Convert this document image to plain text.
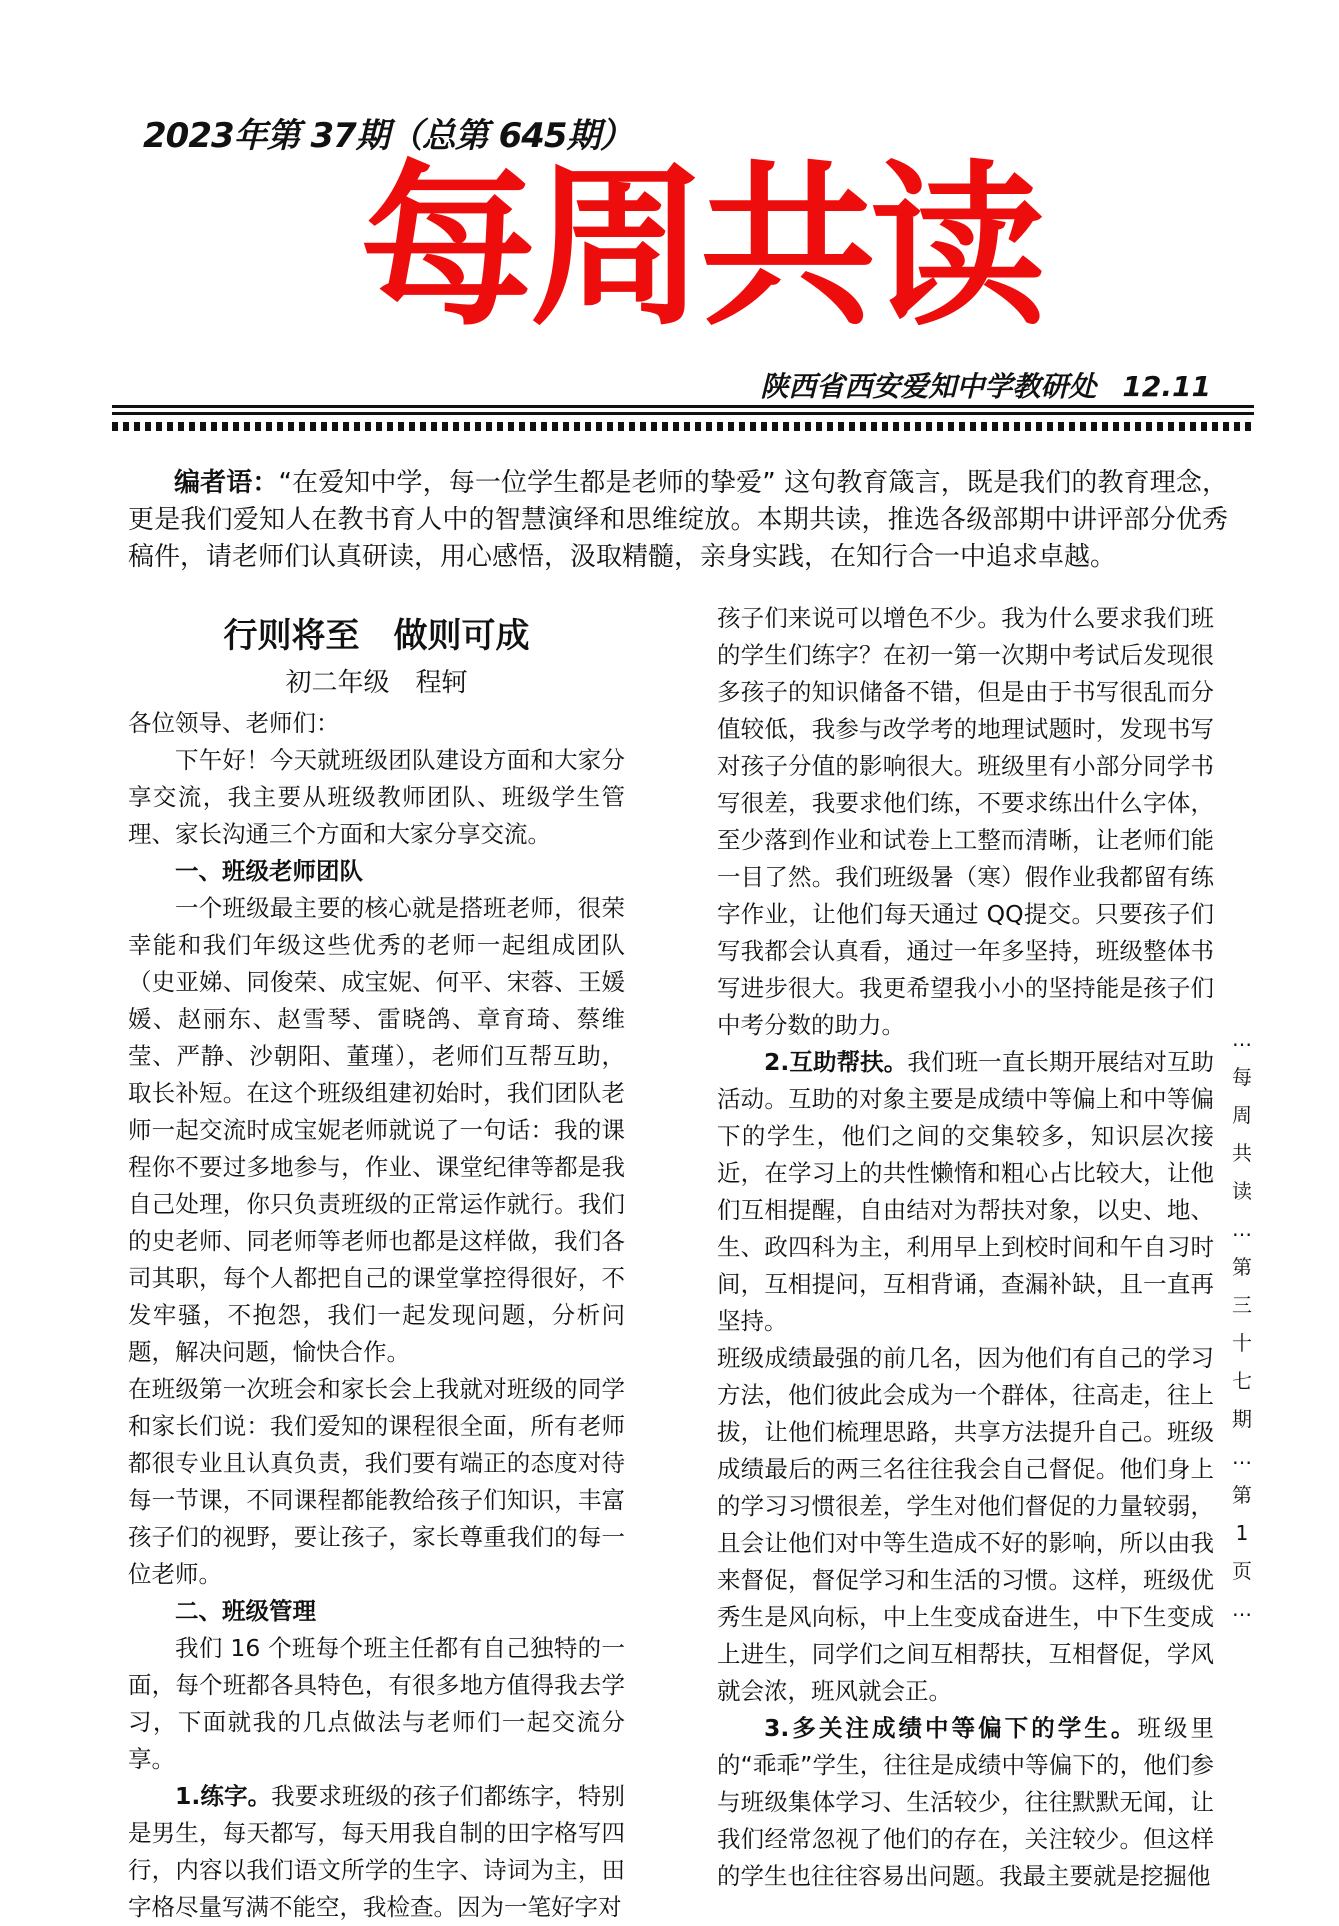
2023年第 37期（总第 645期）
每周共读
陕西省西安爱知中学教研处 12.11
编者语：“在爱知中学，每一位学生都是老师的挚爱” 这句教育箴言，既是我们的教育理念，更是我们爱知人在教书育人中的智慧演绎和思维绽放。本期共读，推选各级部期中讲评部分优秀稿件，请老师们认真研读，用心感悟，汲取精髓，亲身实践，在知行合一中追求卓越。
行则将至　做则可成
初二年级　程轲

各位领导、老师们：

下午好！今天就班级团队建设方面和大家分享交流，我主要从班级教师团队、班级学生管理、家长沟通三个方面和大家分享交流。

一、班级老师团队

一个班级最主要的核心就是搭班老师，很荣幸能和我们年级这些优秀的老师一起组成团队（史亚娣、同俊荣、成宝妮、何平、宋蓉、王媛媛、赵丽东、赵雪琴、雷晓鸽、章育琦、蔡维莹、严静、沙朝阳、董瑾），老师们互帮互助，取长补短。在这个班级组建初始时，我们团队老师一起交流时成宝妮老师就说了一句话：我的课程你不要过多地参与，作业、课堂纪律等都是我自己处理，你只负责班级的正常运作就行。我们的史老师、同老师等老师也都是这样做，我们各司其职，每个人都把自己的课堂掌控得很好，不发牢骚，不抱怨，我们一起发现问题，分析问题，解决问题，愉快合作。

在班级第一次班会和家长会上我就对班级的同学和家长们说：我们爱知的课程很全面，所有老师都很专业且认真负责，我们要有端正的态度对待每一节课，不同课程都能教给孩子们知识，丰富孩子们的视野，要让孩子，家长尊重我们的每一位老师。

二、班级管理

我们 16 个班每个班主任都有自己独特的一面，每个班都各具特色，有很多地方值得我去学习，下面就我的几点做法与老师们一起交流分享。

1.练字。我要求班级的孩子们都练字，特别是男生，每天都写，每天用我自制的田字格写四行，内容以我们语文所学的生字、诗词为主，田字格尽量写满不能空，我检查。因为一笔好字对

孩子们来说可以增色不少。我为什么要求我们班的学生们练字？在初一第一次期中考试后发现很多孩子的知识储备不错，但是由于书写很乱而分值较低，我参与改学考的地理试题时，发现书写对孩子分值的影响很大。班级里有小部分同学书写很差，我要求他们练，不要求练出什么字体，至少落到作业和试卷上工整而清晰，让老师们能一目了然。我们班级暑（寒）假作业我都留有练字作业，让他们每天通过 QQ提交。只要孩子们写我都会认真看，通过一年多坚持，班级整体书写进步很大。我更希望我小小的坚持能是孩子们中考分数的助力。

2.互助帮扶。我们班一直长期开展结对互助活动。互助的对象主要是成绩中等偏上和中等偏下的学生，他们之间的交集较多，知识层次接近，在学习上的共性懒惰和粗心占比较大，让他们互相提醒，自由结对为帮扶对象，以史、地、生、政四科为主，利用早上到校时间和午自习时间，互相提问，互相背诵，查漏补缺，且一直再坚持。

班级成绩最强的前几名，因为他们有自己的学习方法，他们彼此会成为一个群体，往高走，往上拔，让他们梳理思路，共享方法提升自己。班级成绩最后的两三名往往我会自己督促。他们身上的学习习惯很差，学生对他们督促的力量较弱，且会让他们对中等生造成不好的影响，所以由我来督促，督促学习和生活的习惯。这样，班级优秀生是风向标，中上生变成奋进生，中下生变成上进生，同学们之间互相帮扶，互相督促，学风就会浓，班风就会正。

3.多关注成绩中等偏下的学生。班级里的“乖乖”学生，往往是成绩中等偏下的，他们参与班级集体学习、生活较少，往往默默无闻，让我们经常忽视了他们的存在，关注较少。但这样的学生也往往容易出问题。我最主要就是挖掘他

…
每
周
共
读
…
第
三
十
七
期
…
第
1
页
…
